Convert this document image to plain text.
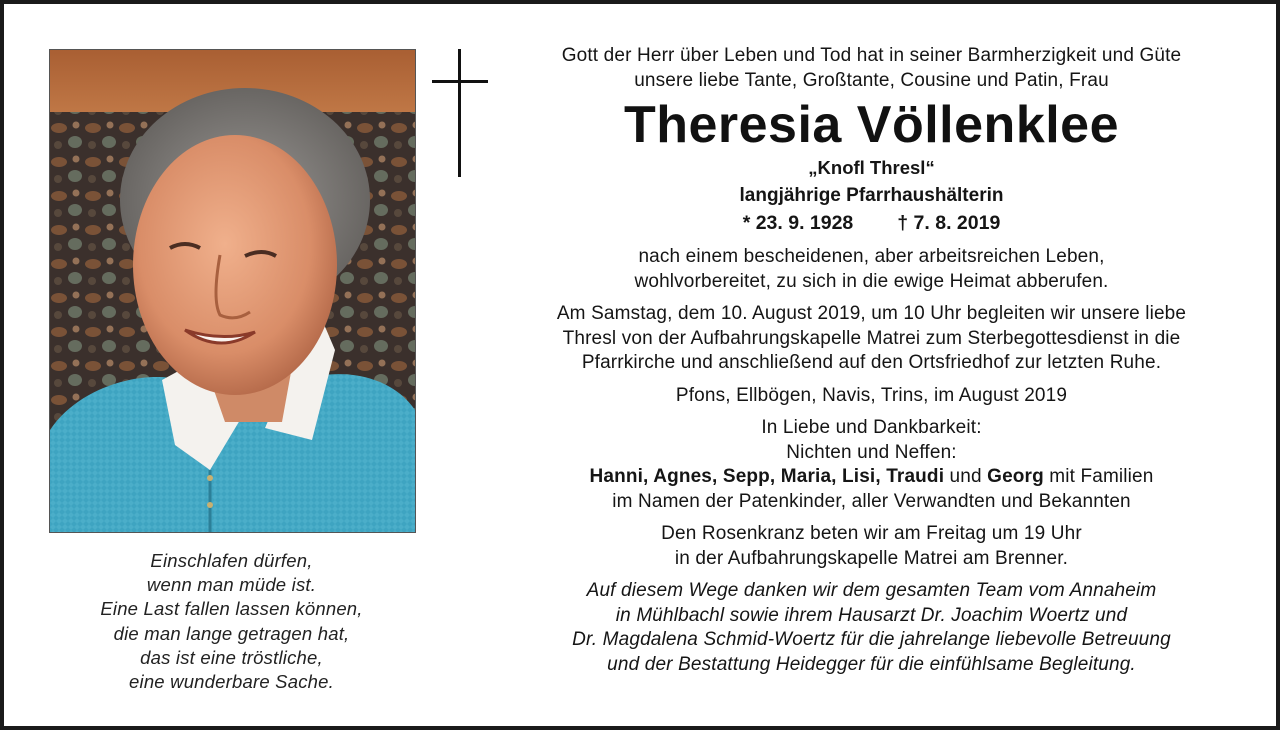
Einschlafen dürfen,
wenn man müde ist.
Eine Last fallen lassen können,
die man lange getragen hat,
das ist eine tröstliche,
eine wunderbare Sache.
Gott der Herr über Leben und Tod hat in seiner Barmherzigkeit und Güte
unsere liebe Tante, Großtante, Cousine und Patin, Frau
Theresia Völlenklee
„Knofl Thresl“
langjährige Pfarrhaushälterin
* 23. 9. 1928 † 7. 8. 2019
nach einem bescheidenen, aber arbeitsreichen Leben,
wohlvorbereitet, zu sich in die ewige Heimat abberufen.
Am Samstag, dem 10. August 2019, um 10 Uhr begleiten wir unsere liebe
Thresl von der Aufbahrungskapelle Matrei zum Sterbegottesdienst in die
Pfarrkirche und anschließend auf den Ortsfriedhof zur letzten Ruhe.
Pfons, Ellbögen, Navis, Trins, im August 2019
In Liebe und Dankbarkeit:
Nichten und Neffen:
Hanni, Agnes, Sepp, Maria, Lisi, Traudi und Georg mit Familien
im Namen der Patenkinder, aller Verwandten und Bekannten
Den Rosenkranz beten wir am Freitag um 19 Uhr
in der Aufbahrungskapelle Matrei am Brenner.
Auf diesem Wege danken wir dem gesamten Team vom Annaheim
in Mühlbachl sowie ihrem Hausarzt Dr. Joachim Woertz und
Dr. Magdalena Schmid-Woertz für die jahrelange liebevolle Betreuung
und der Bestattung Heidegger für die einfühlsame Begleitung.
